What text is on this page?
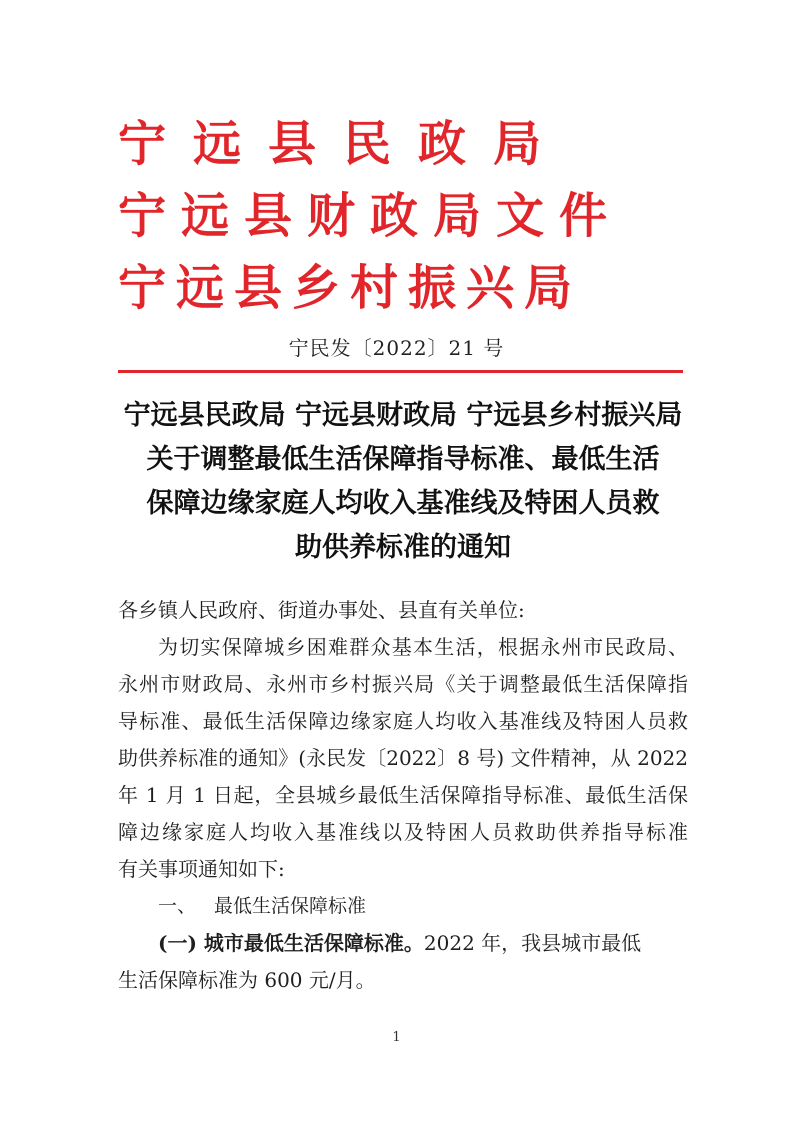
宁远县民政局
宁远县财政局文件
宁远县乡村振兴局
宁民发〔2022〕21 号
宁远县民政局 宁远县财政局 宁远县乡村振兴局
关于调整最低生活保障指导标准、最低生活
保障边缘家庭人均收入基准线及特困人员救
助供养标准的通知
各乡镇人民政府、街道办事处、县直有关单位:
为切实保障城乡困难群众基本生活，根据永州市民政局、
永州市财政局、永州市乡村振兴局《关于调整最低生活保障指
导标准、最低生活保障边缘家庭人均收入基准线及特困人员救
助供养标准的通知》(永民发〔2022〕8 号) 文件精神，从 2022
年 1 月 1 日起，全县城乡最低生活保障指导标准、最低生活保
障边缘家庭人均收入基准线以及特困人员救助供养指导标准
有关事项通知如下:
一、 最低生活保障标准
(一) 城市最低生活保障标准。2022 年，我县城市最低
生活保障标准为 600 元/月。
1
